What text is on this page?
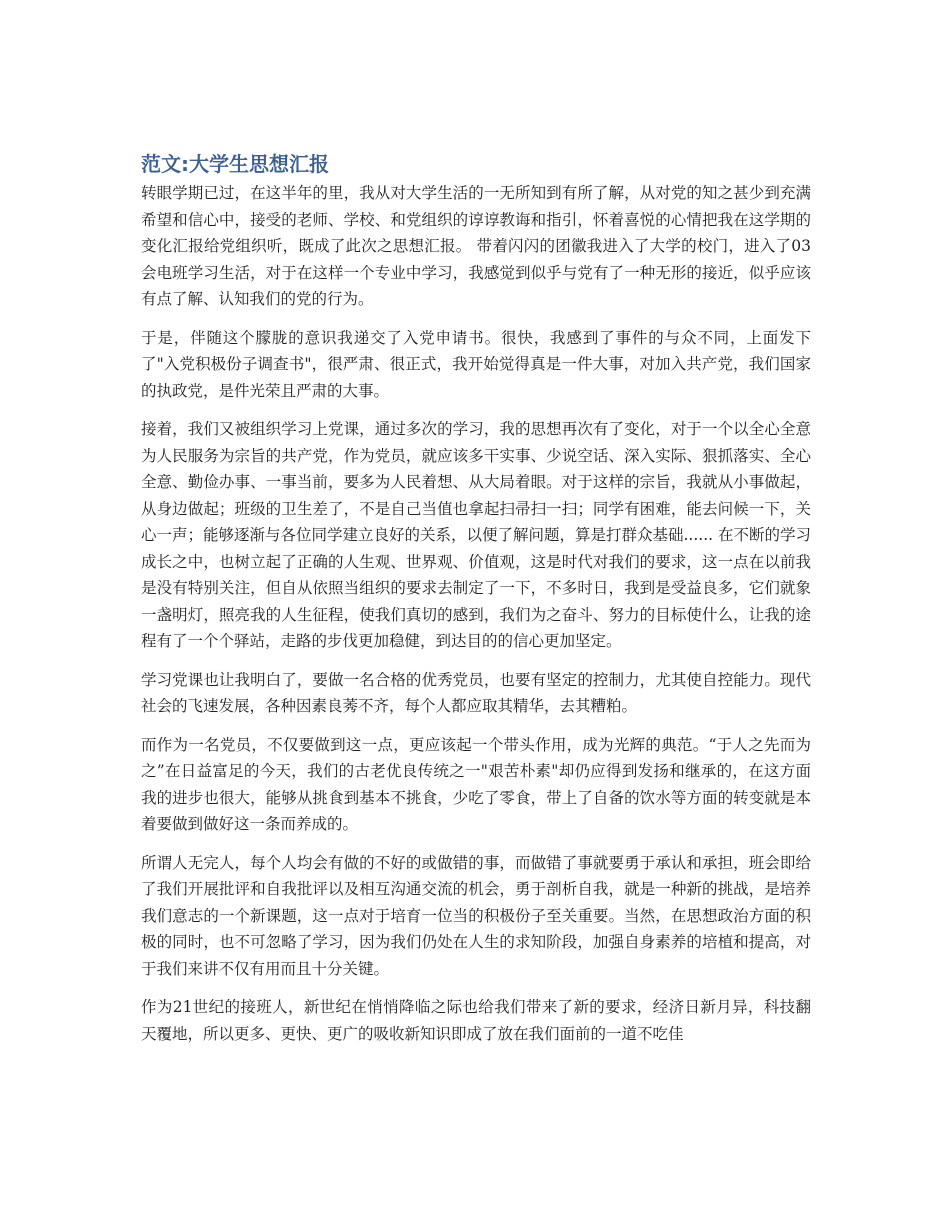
范文:大学生思想汇报

转眼学期已过，在这半年的里，我从对大学生活的一无所知到有所了解，从对党的知之甚少到充满希望和信心中，接受的老师、学校、和党组织的谆谆教诲和指引，怀着喜悦的心情把我在这学期的变化汇报给党组织听，既成了此次之思想汇报。 带着闪闪的团徽我进入了大学的校门，进入了03会电班学习生活，对于在这样一个专业中学习，我感觉到似乎与党有了一种无形的接近，似乎应该有点了解、认知我们的党的行为。

于是，伴随这个朦胧的意识我递交了入党申请书。很快，我感到了事件的与众不同，上面发下了"入党积极份子调查书"，很严肃、很正式，我开始觉得真是一件大事，对加入共产党，我们国家的执政党，是件光荣且严肃的大事。

接着，我们又被组织学习上党课，通过多次的学习，我的思想再次有了变化，对于一个以全心全意为人民服务为宗旨的共产党，作为党员，就应该多干实事、少说空话、深入实际、狠抓落实、全心全意、勤俭办事、一事当前，要多为人民着想、从大局着眼。对于这样的宗旨，我就从小事做起，从身边做起；班级的卫生差了，不是自己当值也拿起扫帚扫一扫；同学有困难，能去问候一下，关心一声；能够逐渐与各位同学建立良好的关系，以便了解问题，算是打群众基础...... 在不断的学习成长之中，也树立起了正确的人生观、世界观、价值观，这是时代对我们的要求，这一点在以前我是没有特别关注，但自从依照当组织的要求去制定了一下，不多时日，我到是受益良多，它们就象一盏明灯，照亮我的人生征程，使我们真切的感到，我们为之奋斗、努力的目标使什么，让我的途程有了一个个驿站，走路的步伐更加稳健，到达目的的信心更加坚定。

学习党课也让我明白了，要做一名合格的优秀党员，也要有坚定的控制力，尤其使自控能力。现代社会的飞速发展，各种因素良莠不齐，每个人都应取其精华，去其糟粕。

而作为一名党员，不仅要做到这一点，更应该起一个带头作用，成为光辉的典范。“于人之先而为之”在日益富足的今天，我们的古老优良传统之一"艰苦朴素"却仍应得到发扬和继承的，在这方面我的进步也很大，能够从挑食到基本不挑食，少吃了零食，带上了自备的饮水等方面的转变就是本着要做到做好这一条而养成的。

所谓人无完人，每个人均会有做的不好的或做错的事，而做错了事就要勇于承认和承担，班会即给了我们开展批评和自我批评以及相互沟通交流的机会，勇于剖析自我，就是一种新的挑战，是培养我们意志的一个新课题，这一点对于培育一位当的积极份子至关重要。当然，在思想政治方面的积极的同时，也不可忽略了学习，因为我们仍处在人生的求知阶段，加强自身素养的培植和提高，对于我们来讲不仅有用而且十分关键。

作为21世纪的接班人，新世纪在悄悄降临之际也给我们带来了新的要求，经济日新月异，科技翻天覆地，所以更多、更快、更广的吸收新知识即成了放在我们面前的一道不吃佳
